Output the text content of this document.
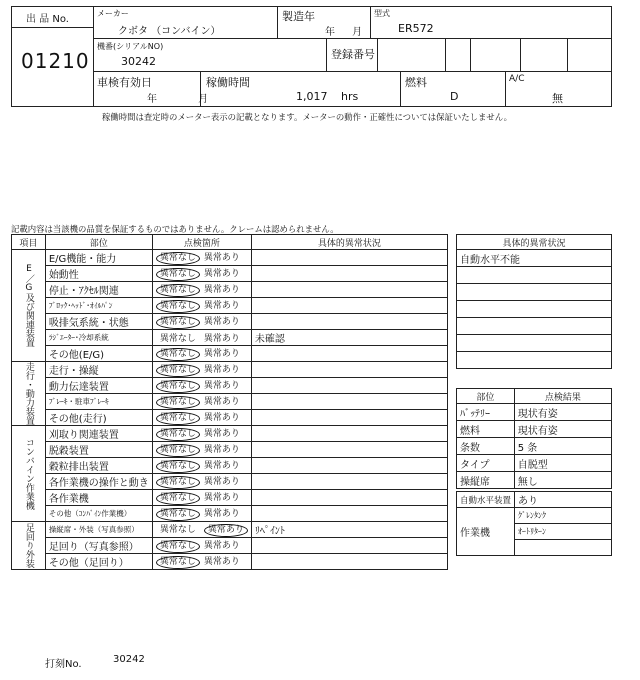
出 品 No.
01210
メーカー
クボタ （コンバイン）
製造年
年 月
型式
ER572
機番(シリアルNO)
30242
登録番号
車検有効日
年 月
稼働時間
1,017 hrs
燃料
D
A/C
無
稼働時間は査定時のメーター表示の記載となります。メーターの動作・正確性については保証いたしません。
記載内容は当該機の品質を保証するものではありません。クレームは認められません。
項目	部位	点検箇所	具体的異常状況
E／G及び関連装置	E/G機能・能力	異常なし 異常あり	
	始動性	異常なし 異常あり	
	停止・ｱｸｾﾙ関連	異常なし 異常あり	
	ﾌﾞﾛｯｸ･ﾍｯﾄﾞ･ｵｲﾙﾊﾟﾝ	異常なし 異常あり	
	吸排気系統・状態	異常なし 異常あり	
	ﾗｼﾞｴｰﾀｰ･冷却系統	異常なし 異常あり	未確認
	その他(E/G)	異常なし 異常あり	
走行・動力装置	走行・操縦	異常なし 異常あり	
	動力伝達装置	異常なし 異常あり	
	ﾌﾞﾚｰｷ・駐車ﾌﾞﾚｰｷ	異常なし 異常あり	
	その他(走行)	異常なし 異常あり	
コンバイン作業機	刈取り関連装置	異常なし 異常あり	
	脱穀装置	異常なし 異常あり	
	穀粒排出装置	異常なし 異常あり	
	各作業機の操作と動き	異常なし 異常あり	
	各作業機	異常なし 異常あり	
	その他（ｺﾝﾊﾞｲﾝ作業機）	異常なし 異常あり	
足回り外装	操縦席・外装（写真参照）	異常なし 異常あり	ﾘﾍﾟｲﾝﾄ
	足回り（写真参照）	異常なし 異常あり	
	その他（足回り）	異常なし 異常あり	
具体的異常状況
自動水平不能

部位	点検結果
ﾊﾞｯﾃﾘｰ	現状有姿
燃料	現状有姿
条数	5 条
タイプ	自脱型
操縦席	無し
自動水平装置	あり
作業機	ｸﾞﾚﾝﾀﾝｸ
	ｵｰﾄﾘﾀｰﾝ

打刻No.	30242
